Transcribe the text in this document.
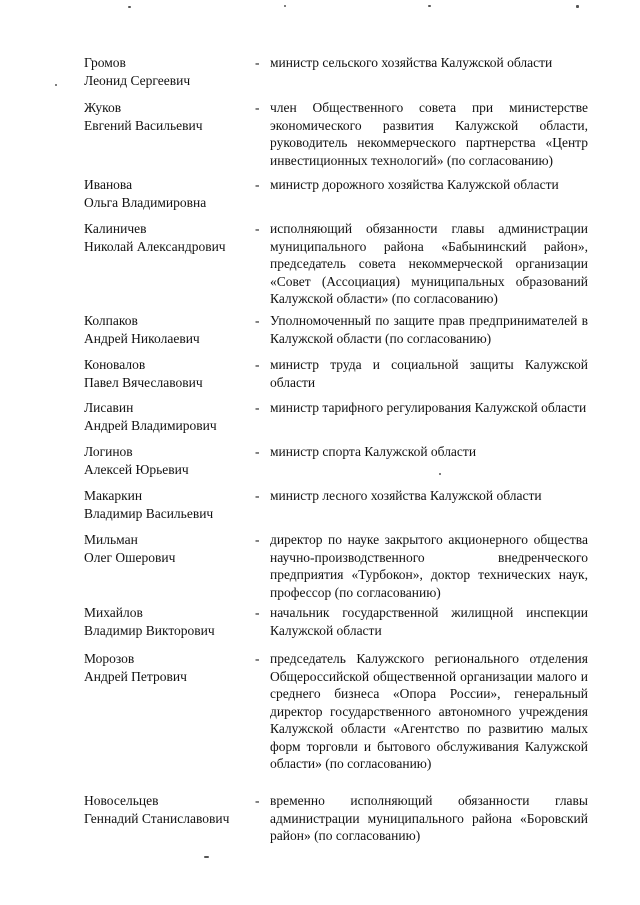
Громов
Леонид Сергеевич
- министр сельского хозяйства Калужской области
Жуков
Евгений Васильевич
- член Общественного совета при министерстве экономического развития Калужской области, руководитель некоммерческого партнерства «Центр инвестиционных технологий» (по согласованию)
Иванова
Ольга Владимировна
- министр дорожного хозяйства Калужской области
Калиничев
Николай Александрович
- исполняющий обязанности главы администрации муниципального района «Бабынинский район», председатель совета некоммерческой организации «Совет (Ассоциация) муниципальных образований Калужской области» (по согласованию)
Колпаков
Андрей Николаевич
- Уполномоченный по защите прав предпринимателей в Калужской области (по согласованию)
Коновалов
Павел Вячеславович
- министр труда и социальной защиты Калужской области
Лисавин
Андрей Владимирович
- министр тарифного регулирования Калужской области
Логинов
Алексей Юрьевич
- министр спорта Калужской области
Макаркин
Владимир Васильевич
- министр лесного хозяйства Калужской области
Мильман
Олег Ошерович
- директор по науке закрытого акционерного общества научно-производственного внедренческого предприятия «Турбокон», доктор технических наук, профессор (по согласованию)
Михайлов
Владимир Викторович
- начальник государственной жилищной инспекции Калужской области
Морозов
Андрей Петрович
- председатель Калужского регионального отделения Общероссийской общественной организации малого и среднего бизнеса «Опора России», генеральный директор государственного автономного учреждения Калужской области «Агентство по развитию малых форм торговли и бытового обслуживания Калужской области» (по согласованию)
Новосельцев
Геннадий Станиславович
- временно исполняющий обязанности главы администрации муниципального района «Боровский район» (по согласованию)
